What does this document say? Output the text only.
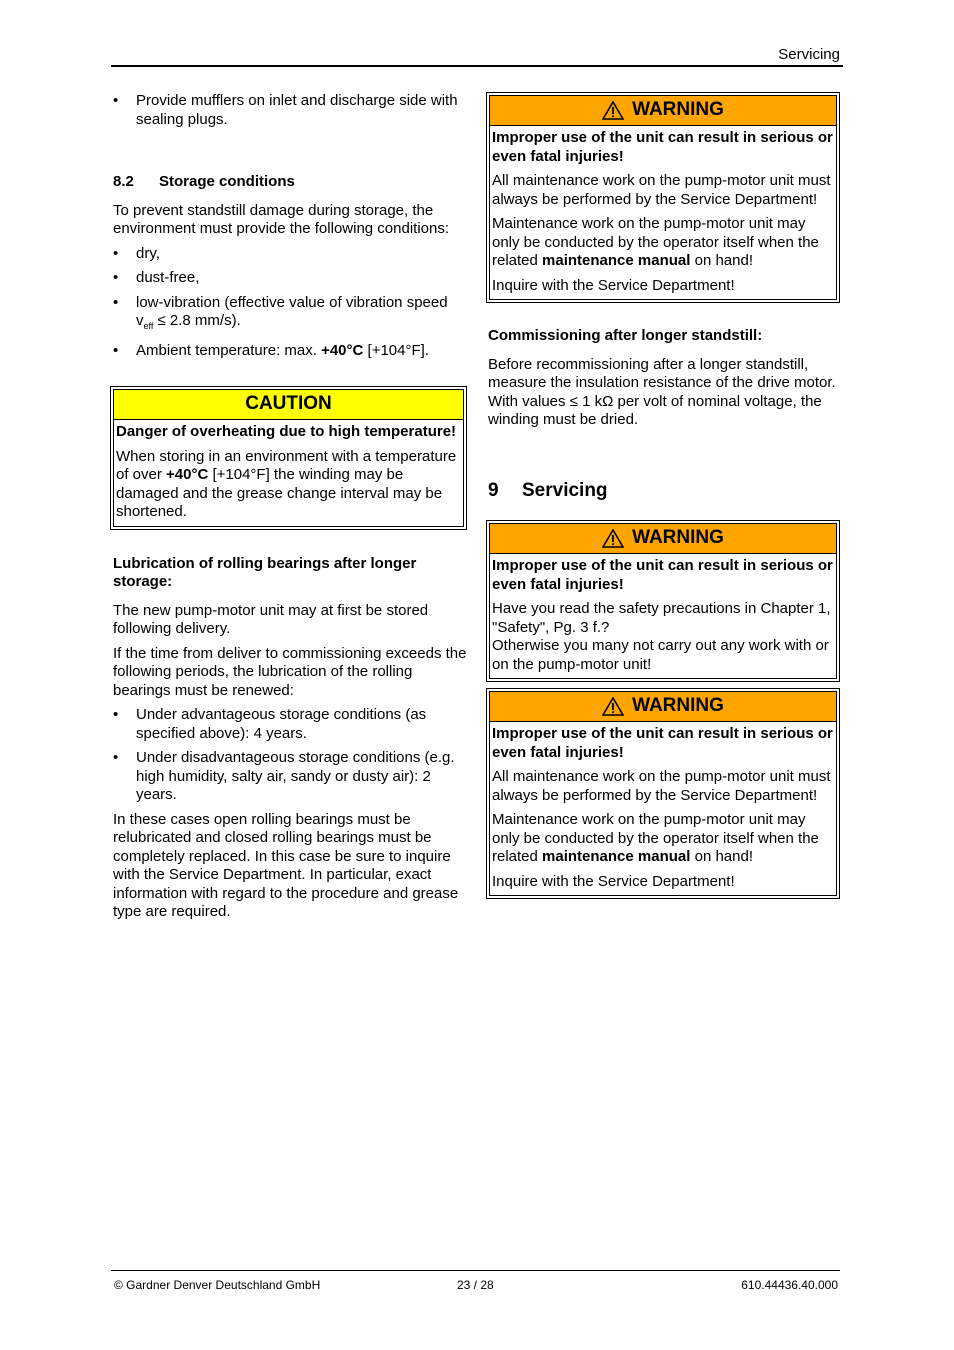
Servicing
• Provide mufflers on inlet and discharge side with sealing plugs.
8.2	Storage conditions

To prevent standstill damage during storage, the environment must provide the following conditions:

• dry,
• dust-free,
• low-vibration (effective value of vibration speed $v_{eff} \le 2.8$ mm/s).
• Ambient temperature: max. +40°C [+104°F].
CAUTION

Danger of overheating due to high temperature!

When storing in an environment with a temperature of over +40°C [+104°F] the winding may be damaged and the grease change interval may be shortened.

Lubrication of rolling bearings after longer storage:

The new pump-motor unit may at first be stored following delivery.

If the time from deliver to commissioning exceeds the following periods, the lubrication of the rolling bearings must be renewed:

• Under advantageous storage conditions (as specified above): 4 years.
• Under disadvantageous storage conditions (e.g. high humidity, salty air, sandy or dusty air): 2 years.

In these cases open rolling bearings must be relubricated and closed rolling bearings must be completely replaced. In this case be sure to inquire with the Service Department. In particular, exact information with regard to the procedure and grease type are required.

WARNING

Improper use of the unit can result in serious or even fatal injuries!

All maintenance work on the pump-motor unit must always be performed by the Service Department!

Maintenance work on the pump-motor unit may only be conducted by the operator itself when the related maintenance manual on hand!

Inquire with the Service Department!

Commissioning after longer standstill:

Before recommissioning after a longer standstill, measure the insulation resistance of the drive motor. With values ≤ 1 kΩ per volt of nominal voltage, the winding must be dried.

9	Servicing
WARNING

Improper use of the unit can result in serious or even fatal injuries!

Have you read the safety precautions in Chapter 1, "Safety", Pg. 3 f.?

Otherwise you many not carry out any work with or on the pump-motor unit!

WARNING

Improper use of the unit can result in serious or even fatal injuries!

All maintenance work on the pump-motor unit must always be performed by the Service Department!

Maintenance work on the pump-motor unit may only be conducted by the operator itself when the related maintenance manual on hand!

Inquire with the Service Department!

© Gardner Denver Deutschland GmbH	23 / 28	610.44436.40.000
